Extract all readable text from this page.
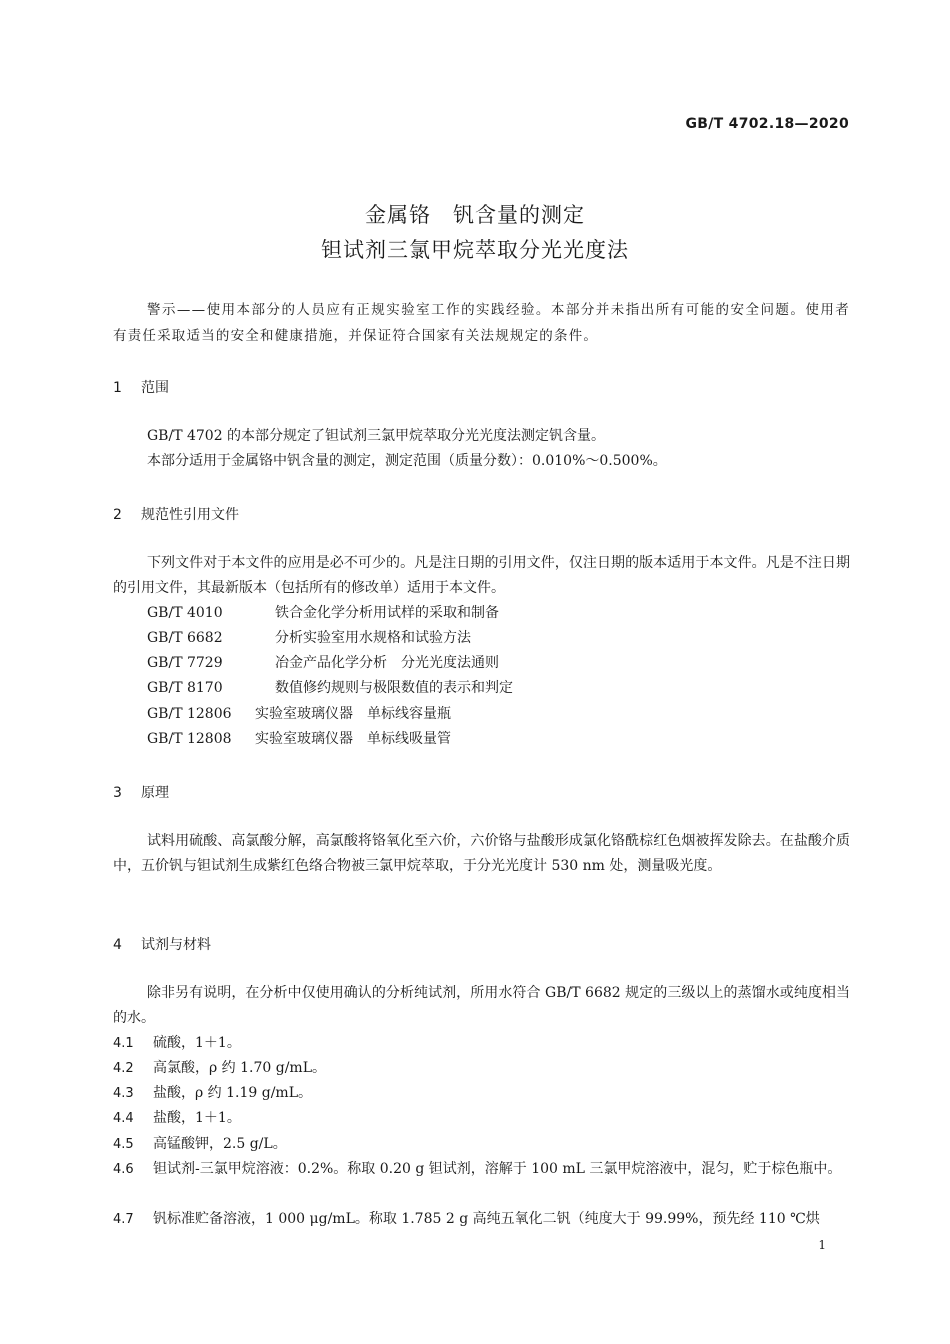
GB/T 4702.18—2020
金属铬　钒含量的测定
钽试剂三氯甲烷萃取分光光度法
警示——使用本部分的人员应有正规实验室工作的实践经验。本部分并未指出所有可能的安全问题。使用者有责任采取适当的安全和健康措施，并保证符合国家有关法规规定的条件。
1 范围
GB/T 4702 的本部分规定了钽试剂三氯甲烷萃取分光光度法测定钒含量。
本部分适用于金属铬中钒含量的测定，测定范围（质量分数）：0.010%～0.500%。
2 规范性引用文件
下列文件对于本文件的应用是必不可少的。凡是注日期的引用文件，仅注日期的版本适用于本文件。凡是不注日期的引用文件，其最新版本（包括所有的修改单）适用于本文件。
GB/T 4010	铁合金化学分析用试样的采取和制备
GB/T 6682	分析实验室用水规格和试验方法
GB/T 7729	冶金产品化学分析　分光光度法通则
GB/T 8170	数值修约规则与极限数值的表示和判定
GB/T 12806 实验室玻璃仪器　单标线容量瓶
GB/T 12808 实验室玻璃仪器　单标线吸量管
3 原理
试料用硫酸、高氯酸分解，高氯酸将铬氧化至六价，六价铬与盐酸形成氯化铬酰棕红色烟被挥发除去。在盐酸介质中，五价钒与钽试剂生成紫红色络合物被三氯甲烷萃取，于分光光度计 530 nm 处，测量吸光度。
4 试剂与材料
除非另有说明，在分析中仅使用确认的分析纯试剂，所用水符合 GB/T 6682 规定的三级以上的蒸馏水或纯度相当的水。
4.1 硫酸，1＋1。
4.2 高氯酸，ρ 约 1.70 g/mL。
4.3 盐酸，ρ 约 1.19 g/mL。
4.4 盐酸，1＋1。
4.5 高锰酸钾，2.5 g/L。
4.6 钽试剂-三氯甲烷溶液：0.2%。称取 0.20 g 钽试剂，溶解于 100 mL 三氯甲烷溶液中，混匀，贮于棕色瓶中。
4.7 钒标准贮备溶液，1 000 μg/mL。称取 1.785 2 g 高纯五氧化二钒（纯度大于 99.99%，预先经 110 ℃烘
1
